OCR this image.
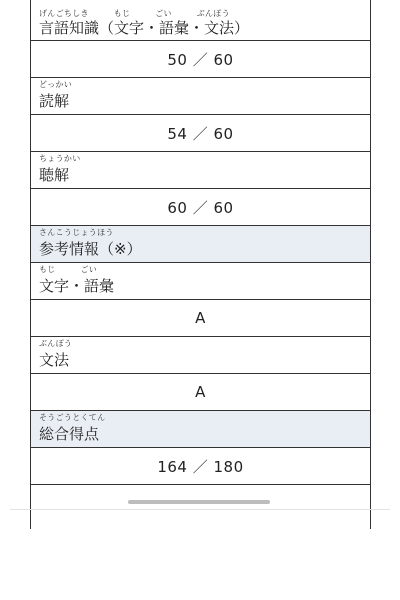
げんごちしき　　　もじ　　　ごい　　　ぶんぽう
言語知識（文字・語彙・文法）
50 ／ 60
どっかい
読解
54 ／ 60
ちょうかい
聴解
60 ／ 60
さんこうじょうほう
参考情報（※）
もじ　　　ごい
文字・語彙
A
ぶんぽう
文法
A
そうごうとくてん
総合得点
164 ／ 180
